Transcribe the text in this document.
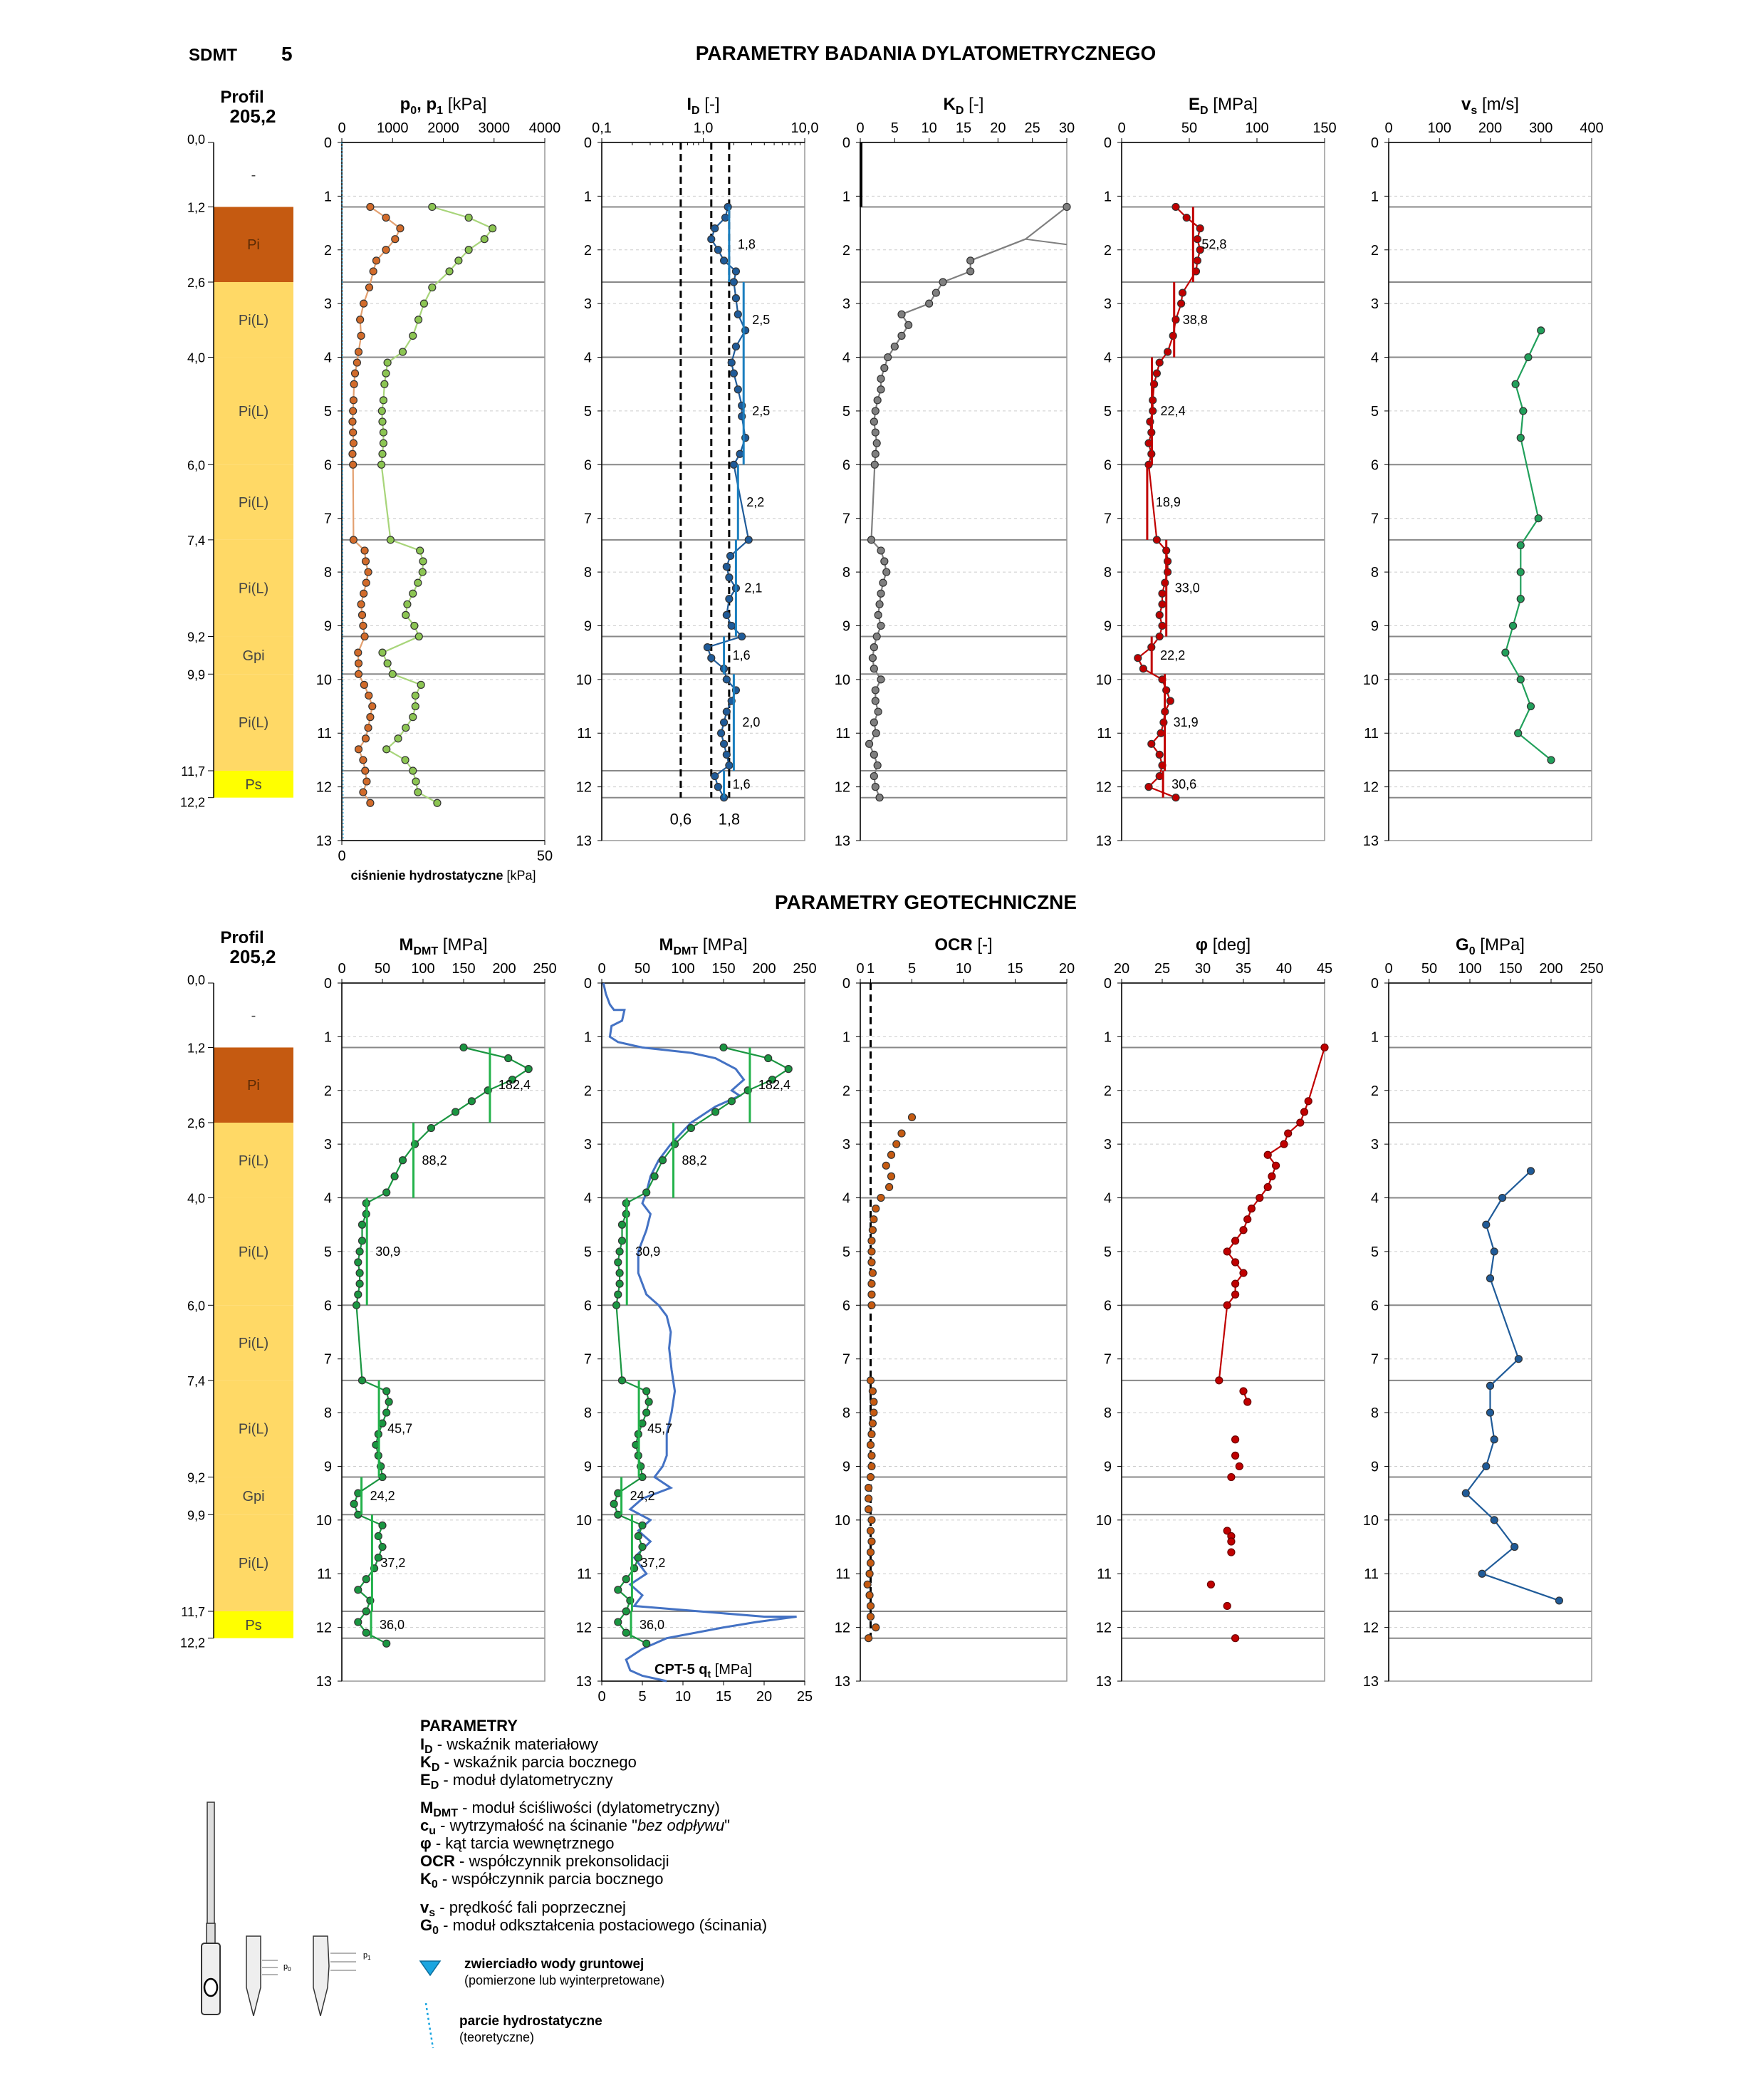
SDMT 5	PARAMETRY BADANIA DYLATOMETRYCZNEGO
PARAMETRY GEOTECHNICZNE
Profil
205,2
-
Pi
Pi(L)
Pi(L)
Pi(L)
Pi(L)
Gpi
Pi(L)
Ps
0,0
1,2
2,6
4,0
6,0
7,4
9,2
9,9
11,7
12,2
Profil
205,2
-
Pi
Pi(L)
Pi(L)
Pi(L)
Pi(L)
Gpi
Pi(L)
Ps
0,0
1,2
2,6
4,0
6,0
7,4
9,2
9,9
11,7
12,2
0
1
2
3
4
5
6
7
8
9
10
11
12
13
0 1000 2000 3000 4000
$p_0$, $p_1$ [kPa]
0	50
ciśnienie hydrostatyczne [kPa]
0
1
2
3
4
5
6
7
8
9
10
11
12
13
0,1	1,0	10,0
$I_D$ [-]
0,6 1,8
1,8
2,5
2,5
2,2
2,1
1,6
2,0
1,6
0
1
2
3
4
5
6
7
8
9
10
11
12
13
0 5 10 15 20 25 30
$K_D$ [-]
0
1
2
3
4
5
6
7
8
9
10
11
12
13
0	50	100	150
$E_D$ [MPa]
52,8
38,8
22,4
18,9
33,0
22,2
31,9
30,6
0
1
2
3
4
5
6
7
8
9
10
11
12
13
0 100 200 300 400
$v_s$ [m/s]
0
1
2
3
4
5
6
7
8
9
10
11
12
13
0 50 100 150 200 250
$M_{DMT}$ [MPa]
182,4
88,2
30,9
45,7
24,2
37,2
36,0
0
1
2
3
4
5
6
7
8
9
10
11
12
13
0 50 100 150 200 250
$M_{DMT}$ [MPa]
0 5 10 15 20 25
CPT-5 $q_t$ [MPa]
182,4
88,2
30,9
45,7
24,2
37,2
36,0
0
1
2
3
4
5
6
7
8
9
10
11
12
13
0 1 5	10	15	20
OCR [-]
0
1
2
3
4
5
6
7
8
9
10
11
12
13
20 25 30 35 40 45
φ [deg]
0
1
2
3
4
5
6
7
8
9
10
11
12
13
0 50 100 150 200 250
$G_0$ [MPa]
PARAMETRY
$I_D$ - wskaźnik materiałowy
$K_D$ - wskaźnik parcia bocznego
$E_D$ - moduł dylatometryczny
$M_{DMT}$ - moduł ściśliwości (dylatometryczny)
$c_u$ - wytrzymałość na ścinanie "bez odpływu"
φ - kąt tarcia wewnętrznego
OCR - współczynnik prekonsolidacji
$K_0$ - współczynnik parcia bocznego
$v_s$ - prędkość fali poprzecznej
$G_0$ - moduł odkształcenia postaciowego (ścinania)
zwierciadło wody gruntowej
(pomierzone lub wyinterpretowane)
parcie hydrostatyczne
(teoretyczne)
$p_0$
$p_1$
